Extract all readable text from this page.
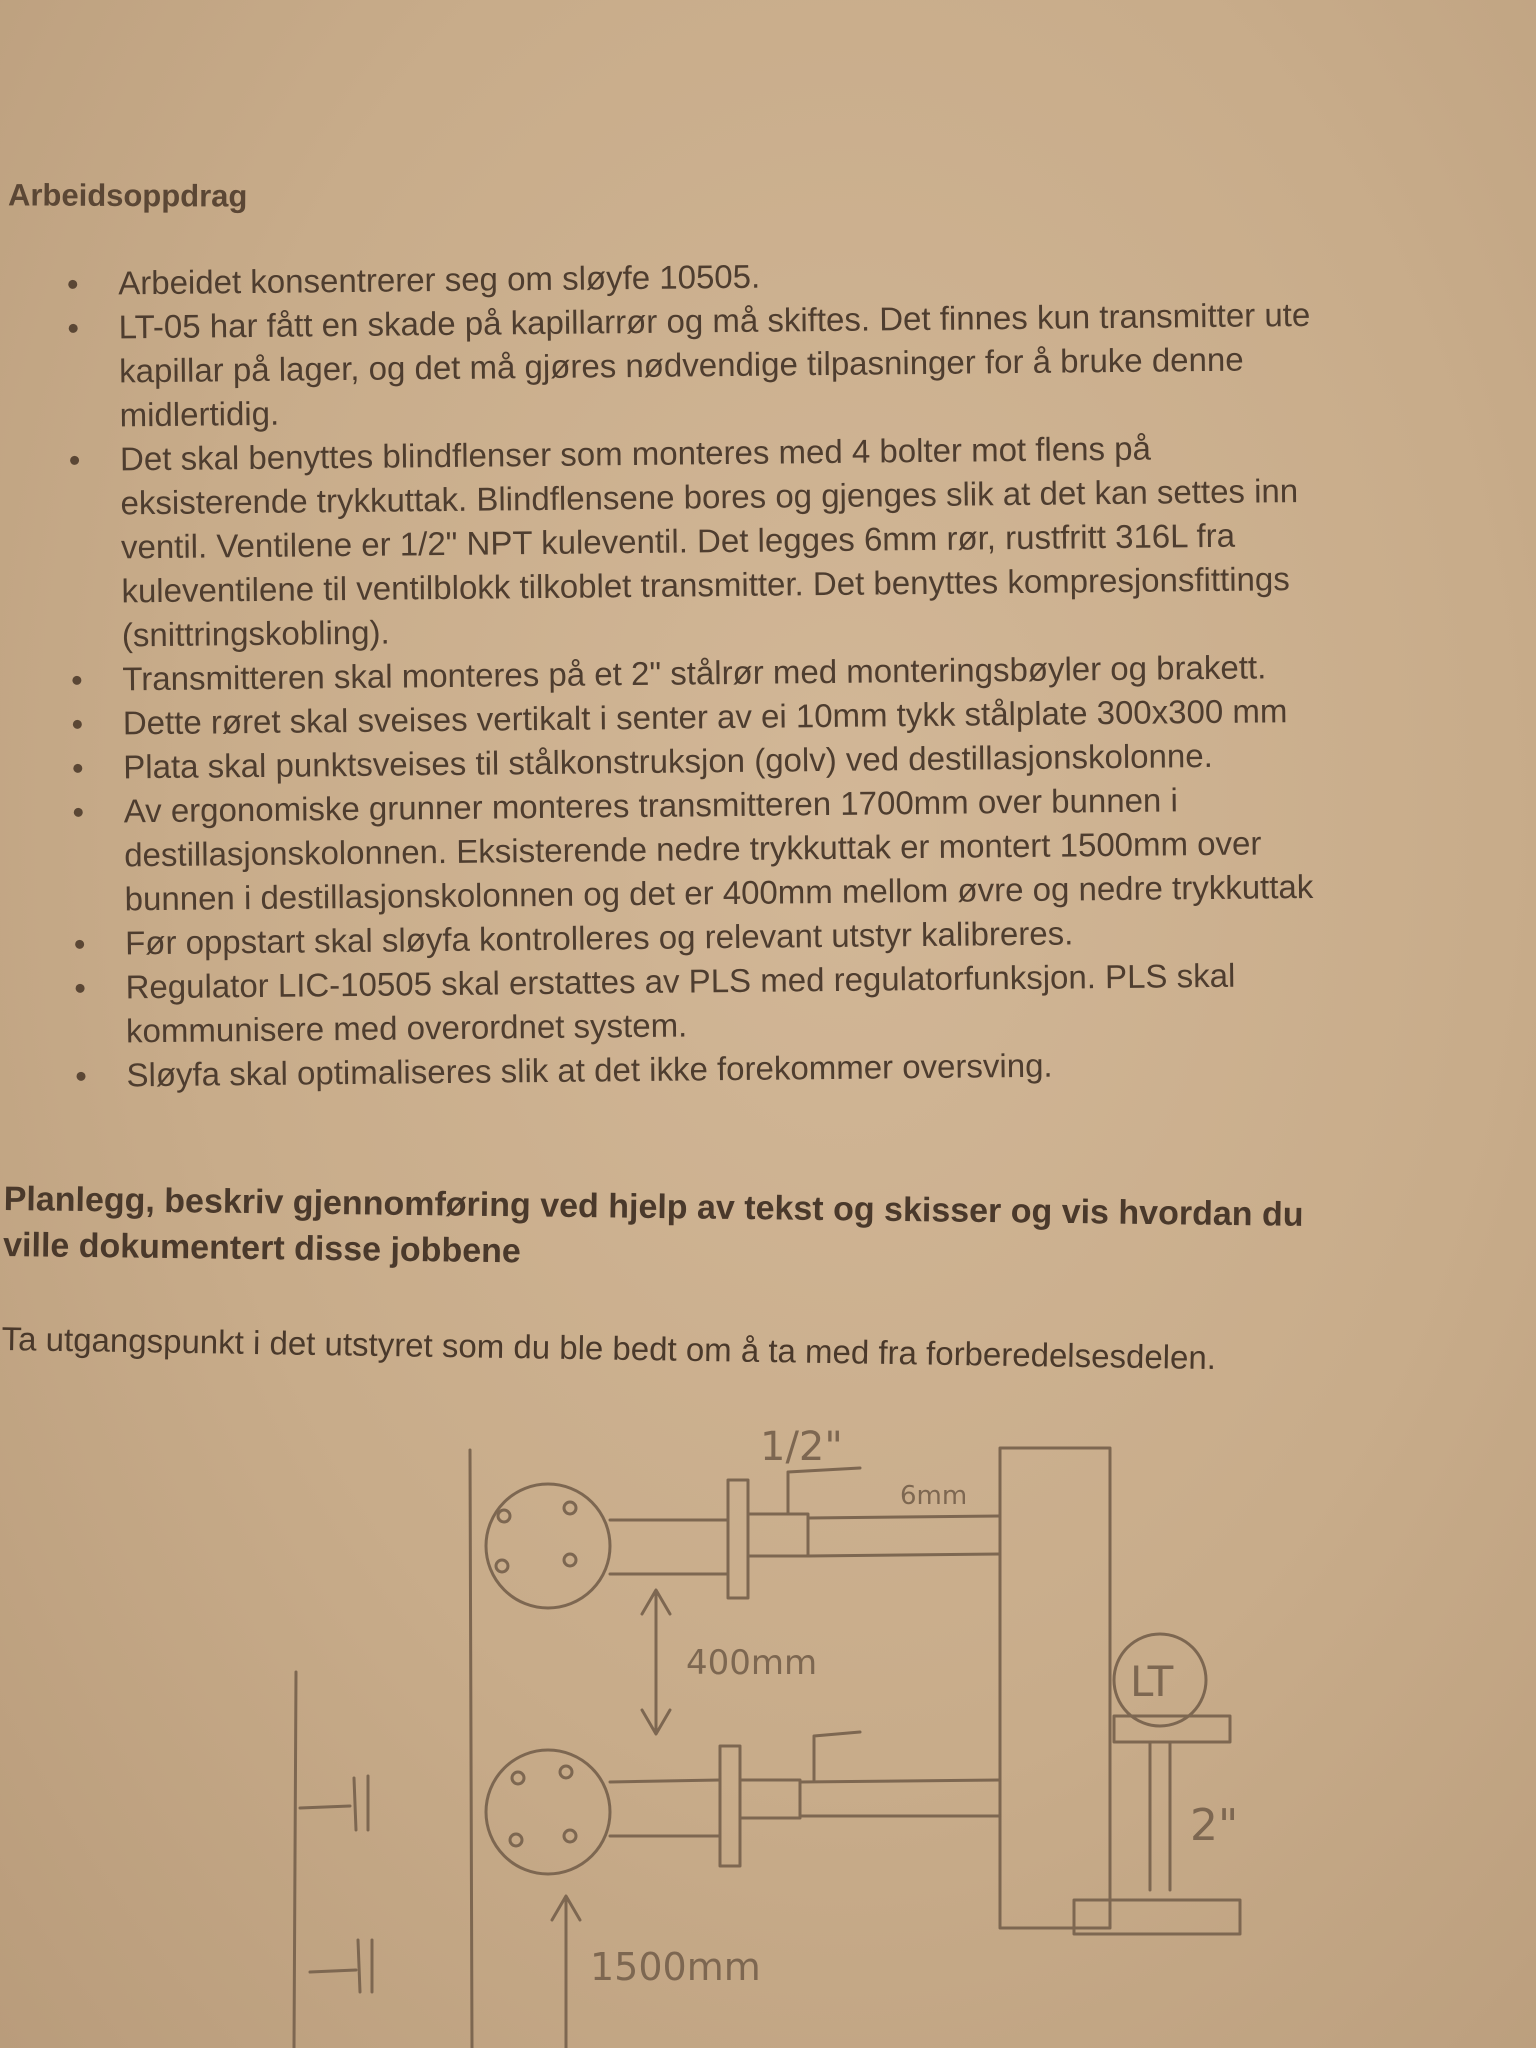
Arbeidsoppdrag
Arbeidet konsentrerer seg om sløyfe 10505.
LT-05 har fått en skade på kapillarrør og må skiftes. Det finnes kun transmitter ute
kapillar på lager, og det må gjøres nødvendige tilpasninger for å bruke denne
midlertidig.
Det skal benyttes blindflenser som monteres med 4 bolter mot flens på
eksisterende trykkuttak. Blindflensene bores og gjenges slik at det kan settes inn
ventil. Ventilene er 1/2" NPT kuleventil. Det legges 6mm rør, rustfritt 316L fra
kuleventilene til ventilblokk tilkoblet transmitter. Det benyttes kompresjonsfittings
(snittringskobling).
Transmitteren skal monteres på et 2" stålrør med monteringsbøyler og brakett.
Dette røret skal sveises vertikalt i senter av ei 10mm tykk stålplate 300x300 mm
Plata skal punktsveises til stålkonstruksjon (golv) ved destillasjonskolonne.
Av ergonomiske grunner monteres transmitteren 1700mm over bunnen i
destillasjonskolonnen. Eksisterende nedre trykkuttak er montert 1500mm over
bunnen i destillasjonskolonnen og det er 400mm mellom øvre og nedre trykkuttak
Før oppstart skal sløyfa kontrolleres og relevant utstyr kalibreres.
Regulator LIC-10505 skal erstattes av PLS med regulatorfunksjon. PLS skal
kommunisere med overordnet system.
Sløyfa skal optimaliseres slik at det ikke forekommer oversving.
Planlegg, beskriv gjennomføring ved hjelp av tekst og skisser og vis hvordan du
ville dokumentert disse jobbene
Ta utgangspunkt i det utstyret som du ble bedt om å ta med fra forberedelsesdelen.
1/2"
6mm
400mm	LT
2"
1500mm
